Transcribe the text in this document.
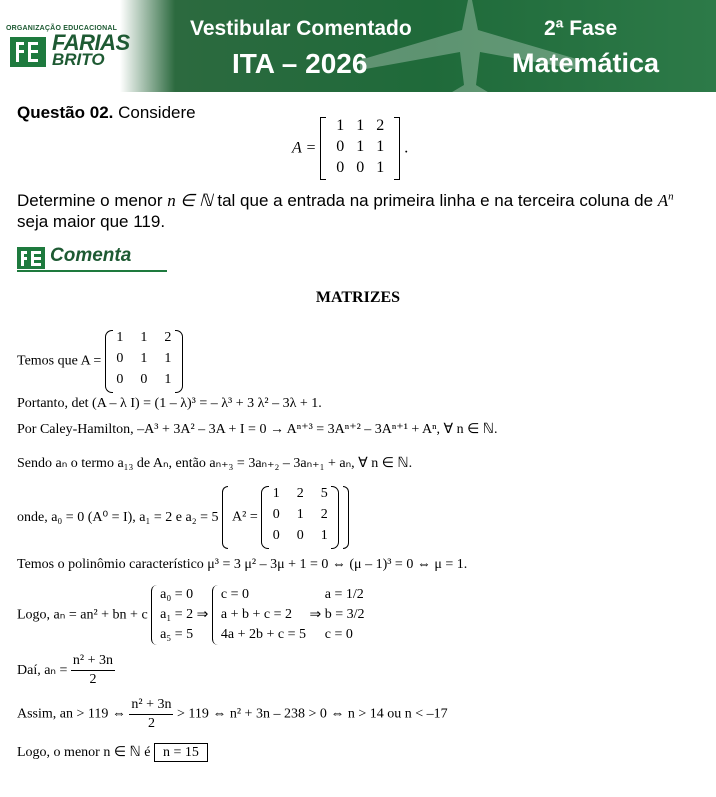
ORGANIZAÇÃO EDUCACIONAL
FARIAS
BRITO
Vestibular Comentado
ITA – 2026
2ª Fase
Matemática
Questão 02. Considere
A =
1 1 2
0 1 1
0 0 1
.
Determine o menor n ∈ ℕ tal que a entrada na primeira linha e na terceira coluna de $A^n$ seja maior que 119.
Comenta
MATRIZES
Temos que A =
1 1 2
0 1 1
0 0 1
Portanto, det (A – λ I) = (1 – λ)³ = – λ³ + 3 λ² – 3λ + 1.
Por Caley-Hamilton, –A³ + 3A² – 3A + I = 0 → Aⁿ⁺³ = 3Aⁿ⁺² – 3Aⁿ⁺¹ + Aⁿ, ∀ n ∈ ℕ.
Sendo aₙ o termo a₁₃ de Aₙ, então aₙ₊₃ = 3aₙ₊₂ – 3aₙ₊₁ + aₙ, ∀ n ∈ ℕ.
onde, a₀ = 0 (A⁰ = I), a₁ = 2 e a₂ = 5 A² =
1 2 5
0 1 2
0 0 1
Temos o polinômio característico μ³ = 3 μ² – 3μ + 1 = 0 ⇔ (μ – 1)³ = 0 ⇔ μ = 1.
Logo, aₙ = an² + bn + c
a₀ = 0
a₁ = 2
a₅ = 5
⇒
c = 0
a + b + c = 2
4a + 2b + c = 5
⇒
a = 1/2
b = 3/2
c = 0
Daí, $a_n = \frac{\text{n² + 3n}}{2}$
Assim, an > 119 ⇔ $\frac{\text{n² + 3n}}{2} > 119$ ⇔ n² + 3n – 238 > 0 ⇔ n > 14 ou n < –17
Logo, o menor n ∈ ℕ é n = 15
